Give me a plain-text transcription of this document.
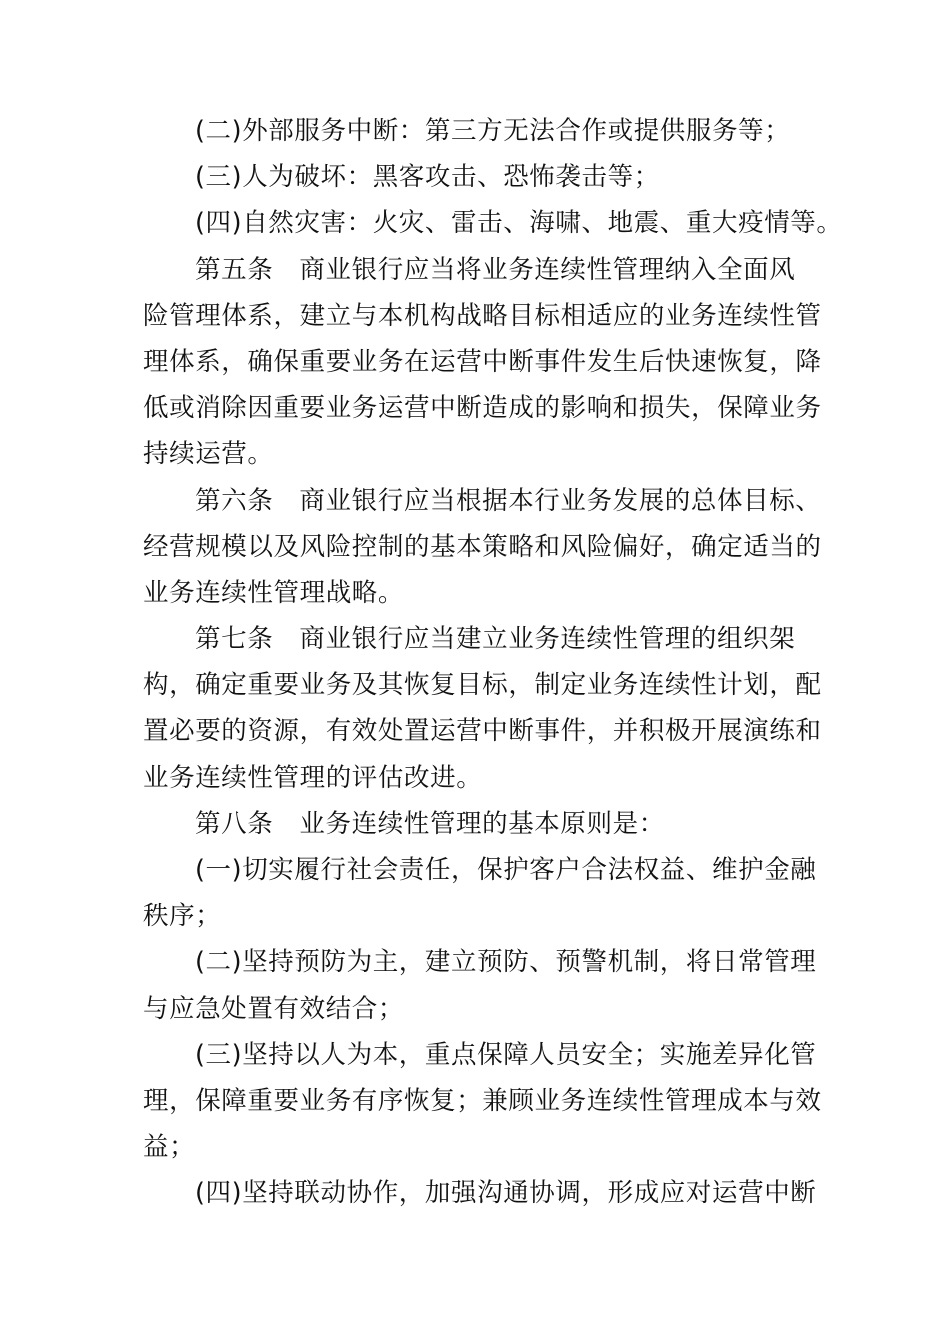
(二)外部服务中断：第三方无法合作或提供服务等；
(三)人为破坏：黑客攻击、恐怖袭击等；
(四)自然灾害：火灾、雷击、海啸、地震、重大疫情等。
第五条　商业银行应当将业务连续性管理纳入全面风
险管理体系，建立与本机构战略目标相适应的业务连续性管
理体系，确保重要业务在运营中断事件发生后快速恢复，降
低或消除因重要业务运营中断造成的影响和损失，保障业务
持续运营。
第六条　商业银行应当根据本行业务发展的总体目标、
经营规模以及风险控制的基本策略和风险偏好，确定适当的
业务连续性管理战略。
第七条　商业银行应当建立业务连续性管理的组织架
构，确定重要业务及其恢复目标，制定业务连续性计划，配
置必要的资源，有效处置运营中断事件，并积极开展演练和
业务连续性管理的评估改进。
第八条　业务连续性管理的基本原则是：
(一)切实履行社会责任，保护客户合法权益、维护金融
秩序；
(二)坚持预防为主，建立预防、预警机制，将日常管理
与应急处置有效结合；
(三)坚持以人为本，重点保障人员安全；实施差异化管
理，保障重要业务有序恢复；兼顾业务连续性管理成本与效
益；
(四)坚持联动协作，加强沟通协调，形成应对运营中断
